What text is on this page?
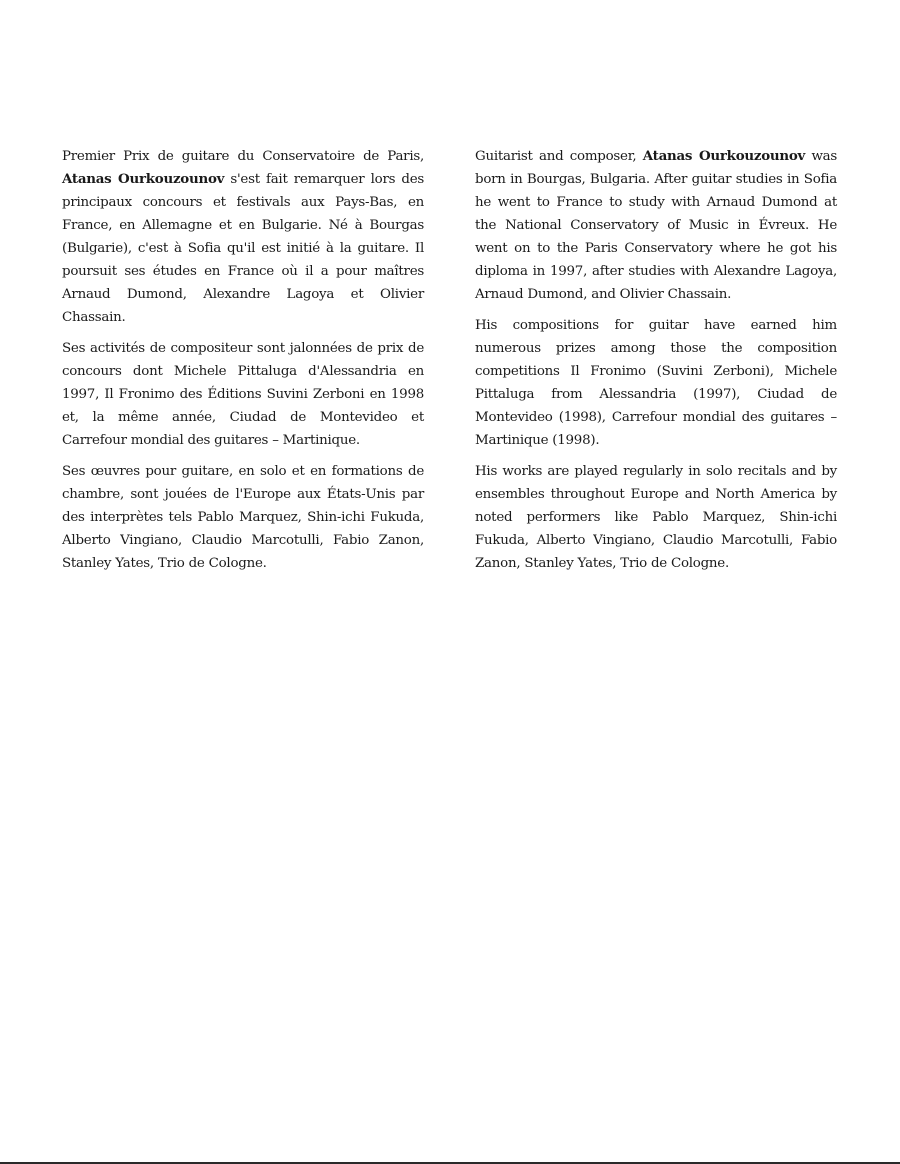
Premier Prix de guitare du Conservatoire de Paris, Atanas Ourkouzounov s'est fait remarquer lors des principaux concours et festivals aux Pays-Bas, en France, en Allemagne et en Bulgarie. Né à Bourgas (Bulgarie), c'est à Sofia qu'il est initié à la guitare. Il poursuit ses études en France où il a pour maîtres Arnaud Dumond, Alexandre Lagoya et Olivier Chassain.

Ses activités de compositeur sont jalonnées de prix de concours dont Michele Pittaluga d'Alessandria en 1997, Il Fronimo des Éditions Suvini Zerboni en 1998 et, la même année, Ciudad de Montevideo et Carrefour mondial des guitares – Martinique.

Ses œuvres pour guitare, en solo et en formations de chambre, sont jouées de l'Europe aux États-Unis par des interprètes tels Pablo Marquez, Shin-ichi Fukuda, Alberto Vingiano, Claudio Marcotulli, Fabio Zanon, Stanley Yates, Trio de Cologne.

Guitarist and composer, Atanas Ourkouzounov was born in Bourgas, Bulgaria. After guitar studies in Sofia he went to France to study with Arnaud Dumond at the National Conservatory of Music in Évreux. He went on to the Paris Conservatory where he got his diploma in 1997, after studies with Alexandre Lagoya, Arnaud Dumond, and Olivier Chassain.

His compositions for guitar have earned him numerous prizes among those the composition competitions Il Fronimo (Suvini Zerboni), Michele Pittaluga from Alessandria (1997), Ciudad de Montevideo (1998), Carrefour mondial des guitares – Martinique (1998).

His works are played regularly in solo recitals and by ensembles throughout Europe and North America by noted performers like Pablo Marquez, Shin-ichi Fukuda, Alberto Vingiano, Claudio Marcotulli, Fabio Zanon, Stanley Yates, Trio de Cologne.
